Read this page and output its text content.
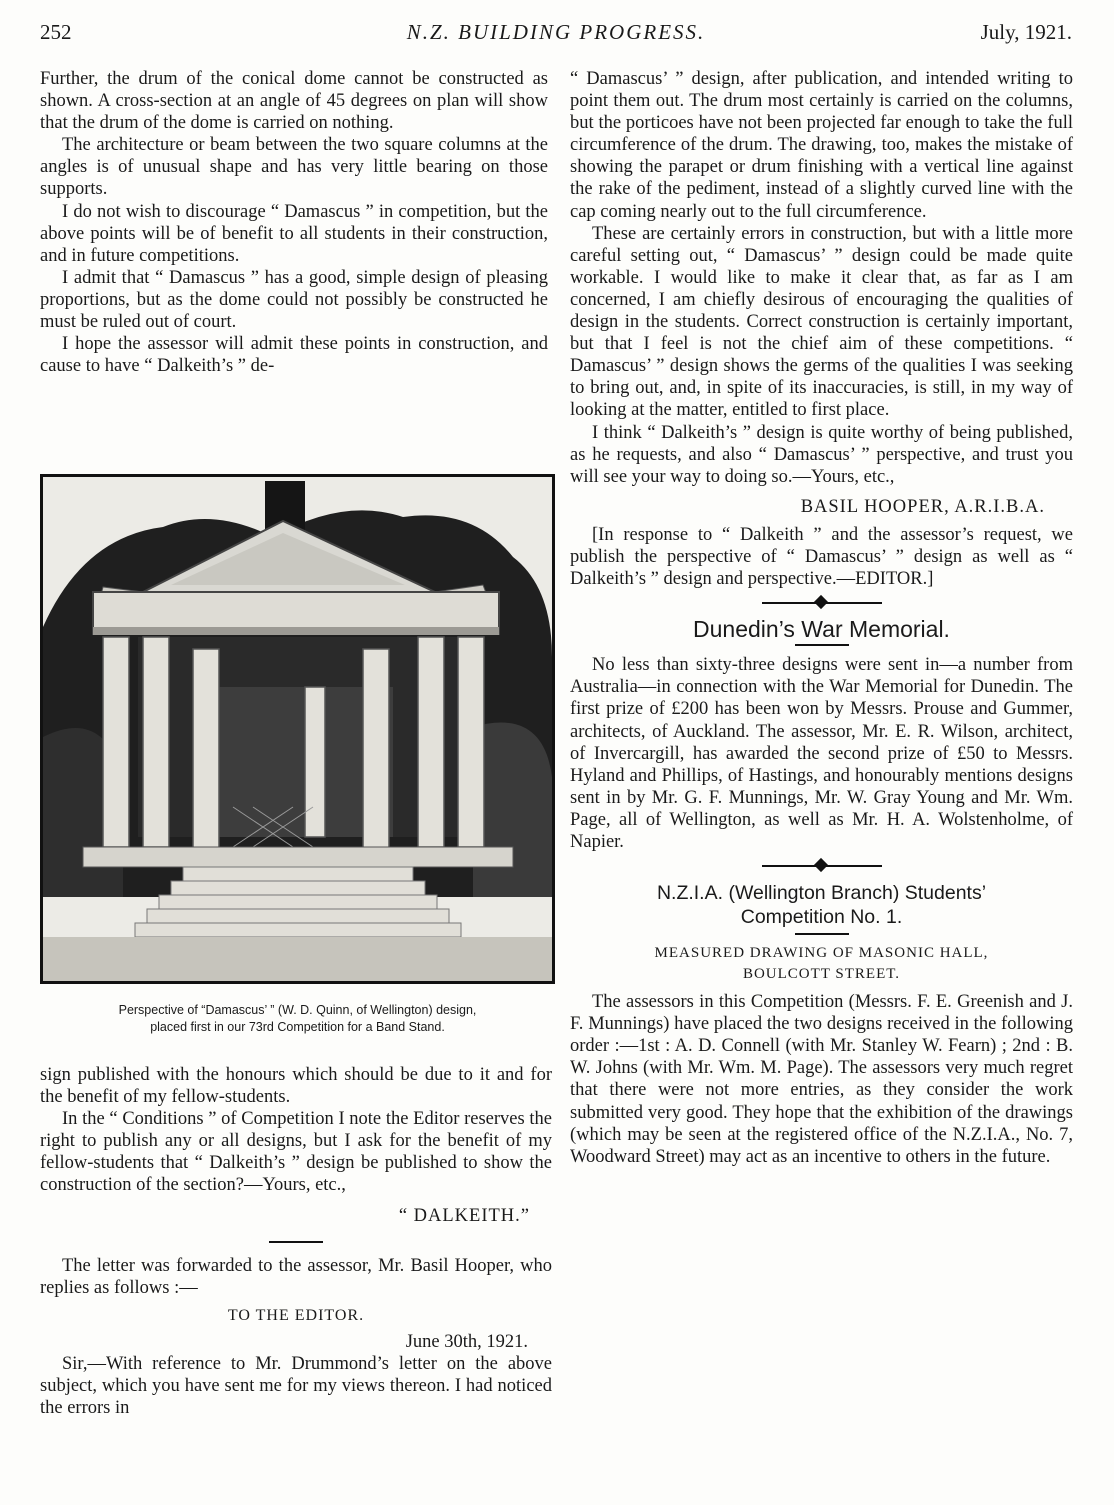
252	N.Z. BUILDING PROGRESS.	July, 1921.

Further, the drum of the conical dome cannot be constructed as shown. A cross-section at an angle of 45 degrees on plan will show that the drum of the dome is carried on nothing.

The architecture or beam between the two square columns at the angles is of unusual shape and has very little bearing on those supports.

I do not wish to discourage “ Damascus ” in competition, but the above points will be of benefit to all students in their construction, and in future competitions.

I admit that “ Damascus ” has a good, simple design of pleasing proportions, but as the dome could not possibly be constructed he must be ruled out of court.

I hope the assessor will admit these points in construction, and cause to have “ Dalkeith’s ” de-

Perspective of “Damascus’ ” (W. D. Quinn, of Wellington) design,
placed first in our 73rd Competition for a Band Stand.

sign published with the honours which should be due to it and for the benefit of my fellow-students.

In the “ Conditions ” of Competition I note the Editor reserves the right to publish any or all designs, but I ask for the benefit of my fellow-students that “ Dalkeith’s ” design be published to show the construction of the section?—Yours, etc.,

“ DALKEITH.”

The letter was forwarded to the assessor, Mr. Basil Hooper, who replies as follows :—

TO THE EDITOR.
June 30th, 1921.

Sir,—With reference to Mr. Drummond’s letter on the above subject, which you have sent me for my views thereon. I had noticed the errors in

“ Damascus’ ” design, after publication, and intended writing to point them out. The drum most certainly is carried on the columns, but the porticoes have not been projected far enough to take the full circumference of the drum. The drawing, too, makes the mistake of showing the parapet or drum finishing with a vertical line against the rake of the pediment, instead of a slightly curved line with the cap coming nearly out to the full circumference.

These are certainly errors in construction, but with a little more careful setting out, “ Damascus’ ” design could be made quite workable. I would like to make it clear that, as far as I am concerned, I am chiefly desirous of encouraging the qualities of design in the students. Correct construction is certainly important, but that I feel is not the chief aim of these competitions. “ Damascus’ ” design shows the germs of the qualities I was seeking to bring out, and, in spite of its inaccuracies, is still, in my way of looking at the matter, entitled to first place.

I think “ Dalkeith’s ” design is quite worthy of being published, as he requests, and also “ Damascus’ ” perspective, and trust you will see your way to doing so.—Yours, etc.,

BASIL HOOPER, A.R.I.B.A.

[In response to “ Dalkeith ” and the assessor’s request, we publish the perspective of “ Damascus’ ” design as well as “ Dalkeith’s ” design and perspective.—EDITOR.]

Dunedin’s War Memorial.

No less than sixty-three designs were sent in—a number from Australia—in connection with the War Memorial for Dunedin. The first prize of £200 has been won by Messrs. Prouse and Gummer, architects, of Auckland. The assessor, Mr. E. R. Wilson, architect, of Invercargill, has awarded the second prize of £50 to Messrs. Hyland and Phillips, of Hastings, and honourably mentions designs sent in by Mr. G. F. Munnings, Mr. W. Gray Young and Mr. Wm. Page, all of Wellington, as well as Mr. H. A. Wolstenholme, of Napier.

N.Z.I.A. (Wellington Branch) Students’
Competition No. 1.
MEASURED DRAWING OF MASONIC HALL,
BOULCOTT STREET.

The assessors in this Competition (Messrs. F. E. Greenish and J. F. Munnings) have placed the two designs received in the following order :—1st : A. D. Connell (with Mr. Stanley W. Fearn) ; 2nd : B. W. Johns (with Mr. Wm. M. Page). The assessors very much regret that there were not more entries, as they consider the work submitted very good. They hope that the exhibition of the drawings (which may be seen at the registered office of the N.Z.I.A., No. 7, Woodward Street) may act as an incentive to others in the future.
